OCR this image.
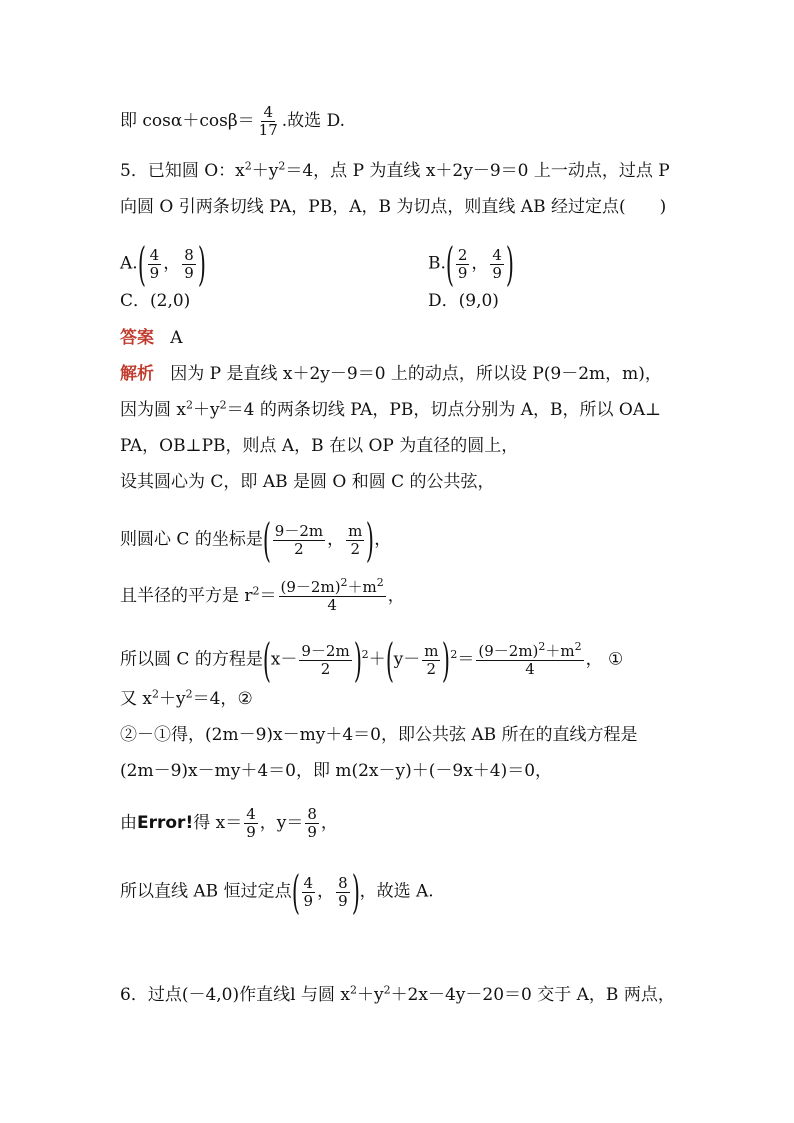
即 $\cos\alpha+\cos\beta= \frac{4}{17}$ .故选 D.
5．已知圆 O：$x^2+y^2=4$，点 P 为直线 x＋2y－9＝0 上一动点，过点 P
向圆 O 引两条切线 PA，PB，A，B 为切点，则直线 AB 经过定点(　　)
$A.( \frac{4}{9}$ ， $\frac{8}{9}$ )	$B.( \frac{2}{9}$ ， $\frac{4}{9}$ )
C．(2,0)	D．(9,0)
答案 A
解析 因为 P 是直线 x＋2y－9＝0 上的动点，所以设 P(9－2m，m)，
因为圆 $x^2+y^2=4$ 的两条切线 PA，PB，切点分别为 A，B，所以 OA⊥
PA，OB⊥PB，则点 A，B 在以 OP 为直径的圆上，
设其圆心为 C，即 AB 是圆 O 和圆 C 的公共弦，
则圆心 C 的坐标是( $\frac{9-2m}{2}$ ， $\frac{m}{2}$ )，
且半径的平方是 $r^2= \frac{(9-2m)^2+m^2}{4}$ ，
所以圆 C 的方程是$(x- \frac{9-2m}{2} )^2+(y- \frac{m}{2} )^2= \frac{(9-2m)^2+m^2}{4}$ ， ①
又 $x^2+y^2=4$，②
②－①得，(2m－9)x－my＋4＝0，即公共弦 AB 所在的直线方程是
(2m－9)x－my＋4＝0，即 m(2x－y)＋(－9x＋4)＝0，
由Error!得 $x= \frac{4}{9}$ ，$y= \frac{8}{9}$ ，
所以直线 AB 恒过定点( $\frac{4}{9}$ ， $\frac{8}{9}$ )，故选 A.
6．过点(－4,0)作直线l 与圆 $x^2+y^2+2x-4y-20=0$ 交于 A，B 两点，
